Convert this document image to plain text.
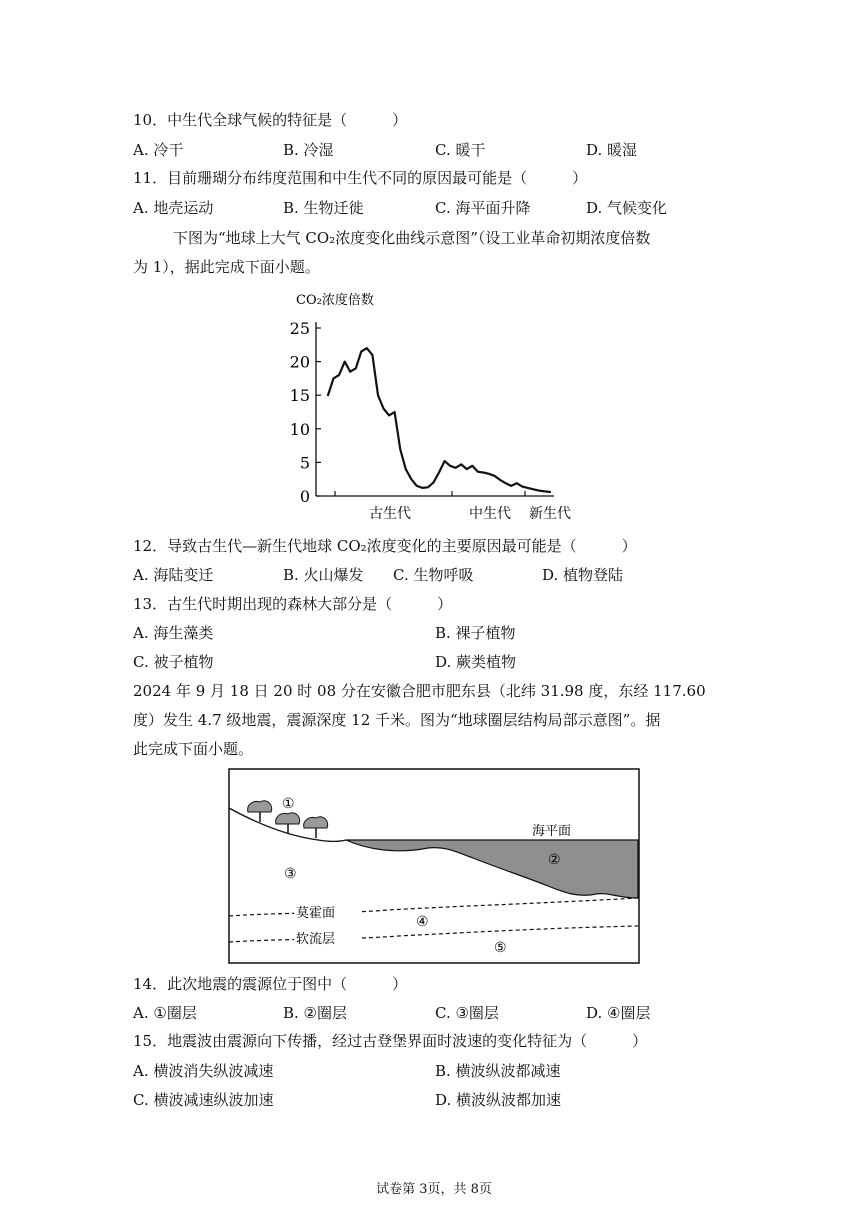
10．中生代全球气候的特征是（　　　）
A. 冷干	B. 冷湿	C. 暖干	D. 暖湿
11．目前珊瑚分布纬度范围和中生代不同的原因最可能是（　　　）
A. 地壳运动	B. 生物迁徙	C. 海平面升降	D. 气候变化
下图为“地球上大气 CO₂浓度变化曲线示意图”（设工业革命初期浓度倍数
为 1），据此完成下面小题。
CO₂浓度倍数
25
20
15
10
5
0
古生代	中生代 新生代
12．导致古生代—新生代地球 CO₂浓度变化的主要原因最可能是（　　　）
A. 海陆变迁	B. 火山爆发 C. 生物呼吸	D. 植物登陆
13．古生代时期出现的森林大部分是（　　　）
A. 海生藻类	B. 裸子植物
C. 被子植物	D. 蕨类植物
2024 年 9 月 18 日 20 时 08 分在安徽合肥市肥东县（北纬 31.98 度，东经 117.60
度）发生 4.7 级地震，震源深度 12 千米。图为“地球圈层结构局部示意图”。据
此完成下面小题。
海平面
莫霍面
软流层
①
②
③
④
⑤
14．此次地震的震源位于图中（　　　）
A. ①圈层	B. ②圈层	C. ③圈层	D. ④圈层
15．地震波由震源向下传播，经过古登堡界面时波速的变化特征为（　　　）
A. 横波消失纵波减速	B. 横波纵波都减速
C. 横波减速纵波加速	D. 横波纵波都加速
试卷第 3页，共 8页
